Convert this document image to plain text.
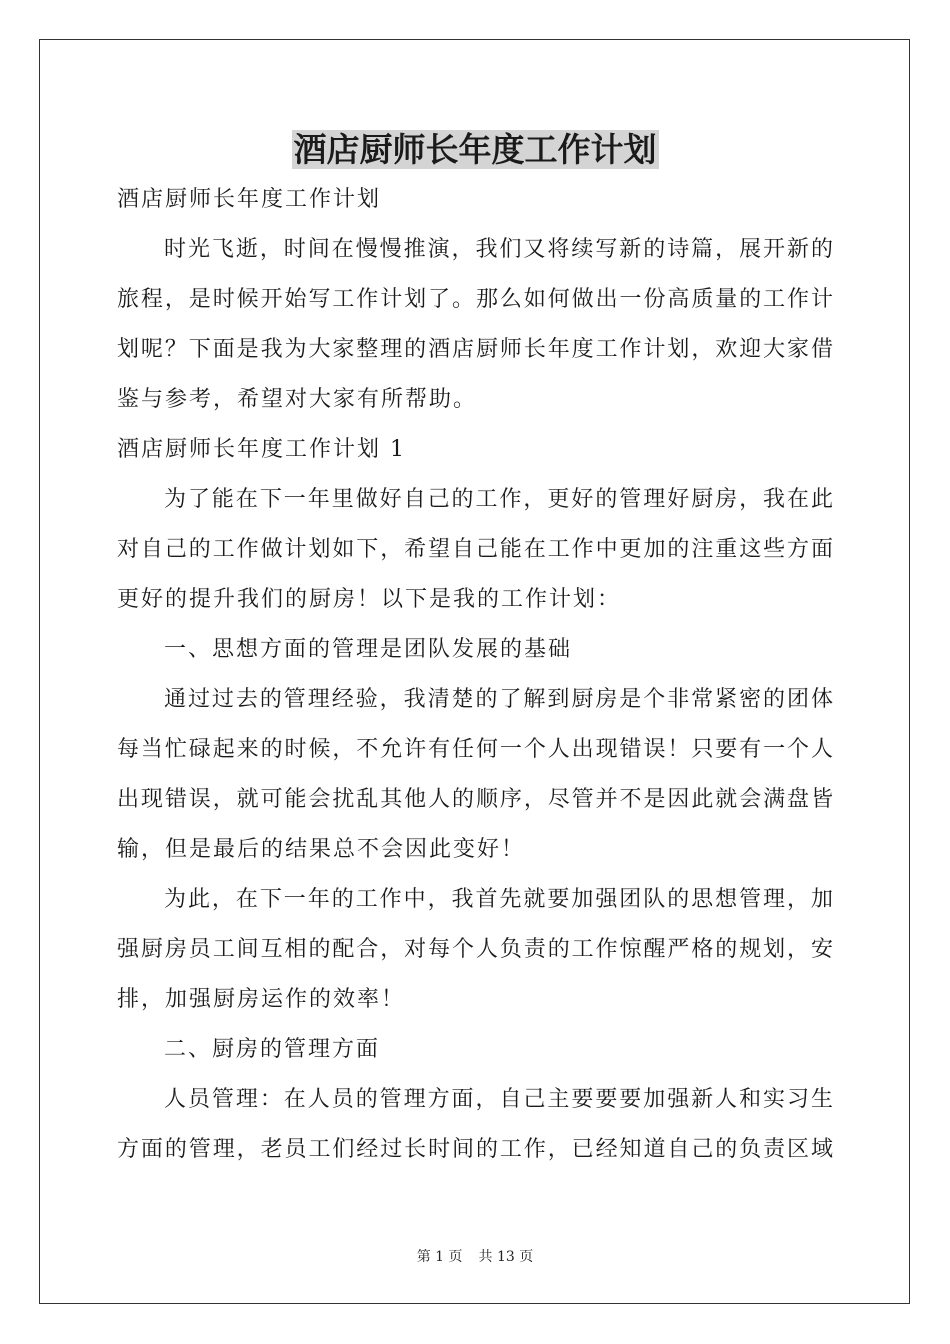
酒店厨师长年度工作计划

酒店厨师长年度工作计划

时光飞逝，时间在慢慢推演，我们又将续写新的诗篇，展开新的

旅程，是时候开始写工作计划了。那么如何做出一份高质量的工作计

划呢？下面是我为大家整理的酒店厨师长年度工作计划，欢迎大家借

鉴与参考，希望对大家有所帮助。

酒店厨师长年度工作计划 1

为了能在下一年里做好自己的工作，更好的管理好厨房，我在此

对自己的工作做计划如下，希望自己能在工作中更加的注重这些方面

更好的提升我们的厨房！以下是我的工作计划：

一、思想方面的管理是团队发展的基础

通过过去的管理经验，我清楚的了解到厨房是个非常紧密的团体

每当忙碌起来的时候，不允许有任何一个人出现错误！只要有一个人

出现错误，就可能会扰乱其他人的顺序，尽管并不是因此就会满盘皆

输，但是最后的结果总不会因此变好！

为此，在下一年的工作中，我首先就要加强团队的思想管理，加

强厨房员工间互相的配合，对每个人负责的工作惊醒严格的规划，安

排，加强厨房运作的效率！

二、厨房的管理方面

人员管理：在人员的管理方面，自己主要要要加强新人和实习生

方面的管理，老员工们经过长时间的工作，已经知道自己的负责区域

第 1 页 共 13 页
